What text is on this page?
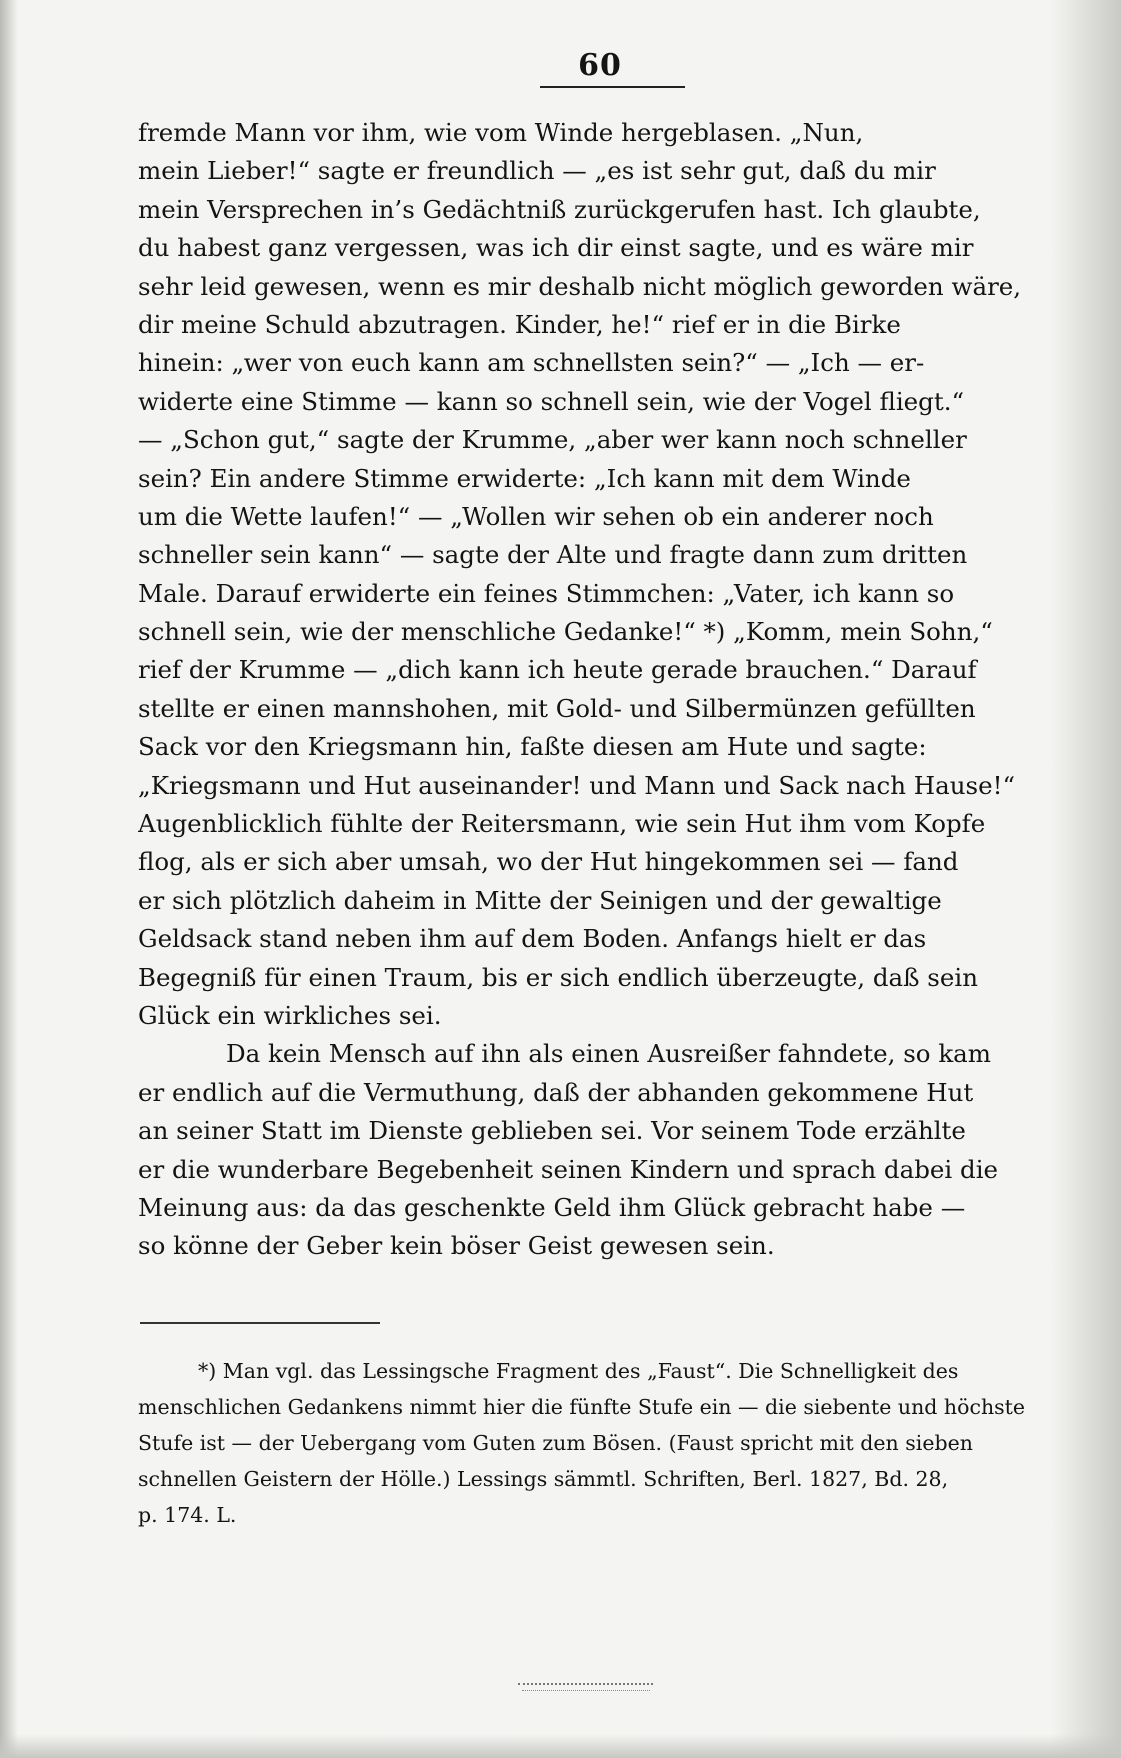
60
fremde Mann vor ihm, wie vom Winde hergeblasen. „Nun,
mein Lieber!“ sagte er freundlich — „es ist sehr gut, daß du mir
mein Versprechen in’s Gedächtniß zurückgerufen hast. Ich glaubte,
du habest ganz vergessen, was ich dir einst sagte, und es wäre mir
sehr leid gewesen, wenn es mir deshalb nicht möglich geworden wäre,
dir meine Schuld abzutragen. Kinder, he!“ rief er in die Birke
hinein: „wer von euch kann am schnellsten sein?“ — „Ich — er-
widerte eine Stimme — kann so schnell sein, wie der Vogel fliegt.“
— „Schon gut,“ sagte der Krumme, „aber wer kann noch schneller
sein? Ein andere Stimme erwiderte: „Ich kann mit dem Winde
um die Wette laufen!“ — „Wollen wir sehen ob ein anderer noch
schneller sein kann“ — sagte der Alte und fragte dann zum dritten
Male. Darauf erwiderte ein feines Stimmchen: „Vater, ich kann so
schnell sein, wie der menschliche Gedanke!“ *) „Komm, mein Sohn,“
rief der Krumme — „dich kann ich heute gerade brauchen.“ Darauf
stellte er einen mannshohen, mit Gold- und Silbermünzen gefüllten
Sack vor den Kriegsmann hin, faßte diesen am Hute und sagte:
„Kriegsmann und Hut auseinander! und Mann und Sack nach Hause!“
Augenblicklich fühlte der Reitersmann, wie sein Hut ihm vom Kopfe
flog, als er sich aber umsah, wo der Hut hingekommen sei — fand
er sich plötzlich daheim in Mitte der Seinigen und der gewaltige
Geldsack stand neben ihm auf dem Boden. Anfangs hielt er das
Begegniß für einen Traum, bis er sich endlich überzeugte, daß sein
Glück ein wirkliches sei.
Da kein Mensch auf ihn als einen Ausreißer fahndete, so kam
er endlich auf die Vermuthung, daß der abhanden gekommene Hut
an seiner Statt im Dienste geblieben sei. Vor seinem Tode erzählte
er die wunderbare Begebenheit seinen Kindern und sprach dabei die
Meinung aus: da das geschenkte Geld ihm Glück gebracht habe —
so könne der Geber kein böser Geist gewesen sein.
*) Man vgl. das Lessingsche Fragment des „Faust“. Die Schnelligkeit des
menschlichen Gedankens nimmt hier die fünfte Stufe ein — die siebente und höchste
Stufe ist — der Uebergang vom Guten zum Bösen. (Faust spricht mit den sieben
schnellen Geistern der Hölle.) Lessings sämmtl. Schriften, Berl. 1827, Bd. 28,
p. 174. L.
